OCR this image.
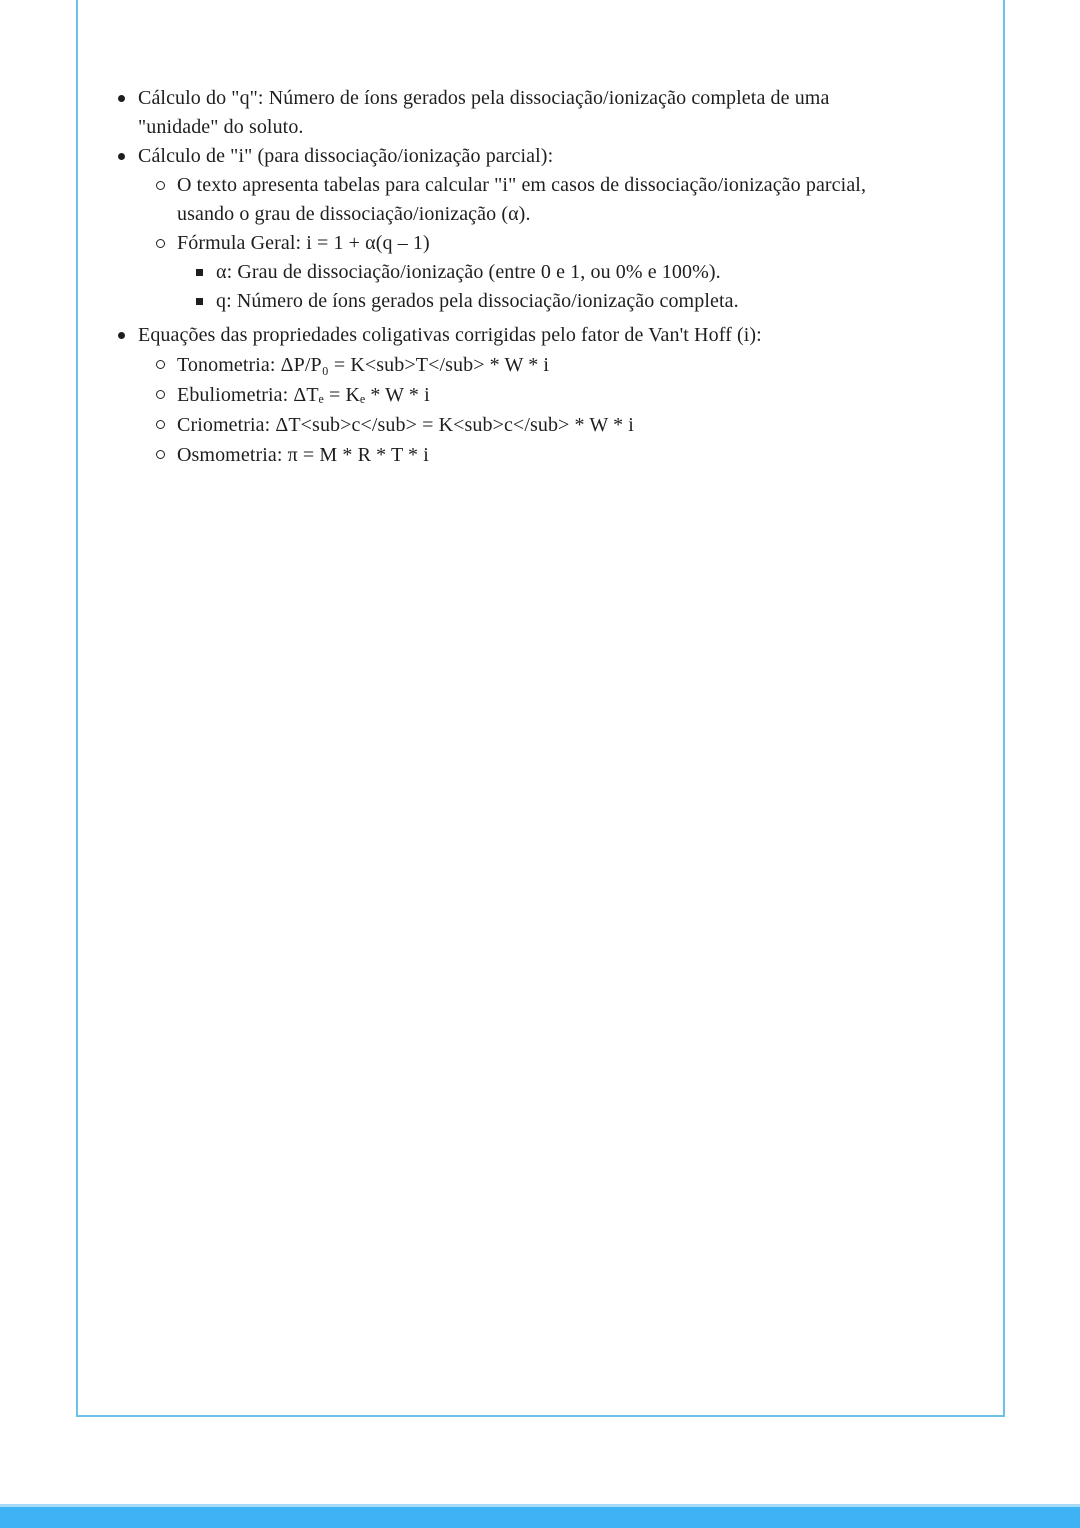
Cálculo do "q": Número de íons gerados pela dissociação/ionização completa de uma
"unidade" do soluto.
Cálculo de "i" (para dissociação/ionização parcial):
O texto apresenta tabelas para calcular "i" em casos de dissociação/ionização parcial,
usando o grau de dissociação/ionização (α).
Fórmula Geral: i = 1 + α(q – 1)
α: Grau de dissociação/ionização (entre 0 e 1, ou 0% e 100%).
q: Número de íons gerados pela dissociação/ionização completa.
Equações das propriedades coligativas corrigidas pelo fator de Van't Hoff (i):
Tonometria: ΔP/P₀ = K<sub>T</sub> * W * i
Ebuliometria: ΔTₑ = Kₑ * W * i
Criometria: ΔT<sub>c</sub> = K<sub>c</sub> * W * i
Osmometria: π = M * R * T * i
